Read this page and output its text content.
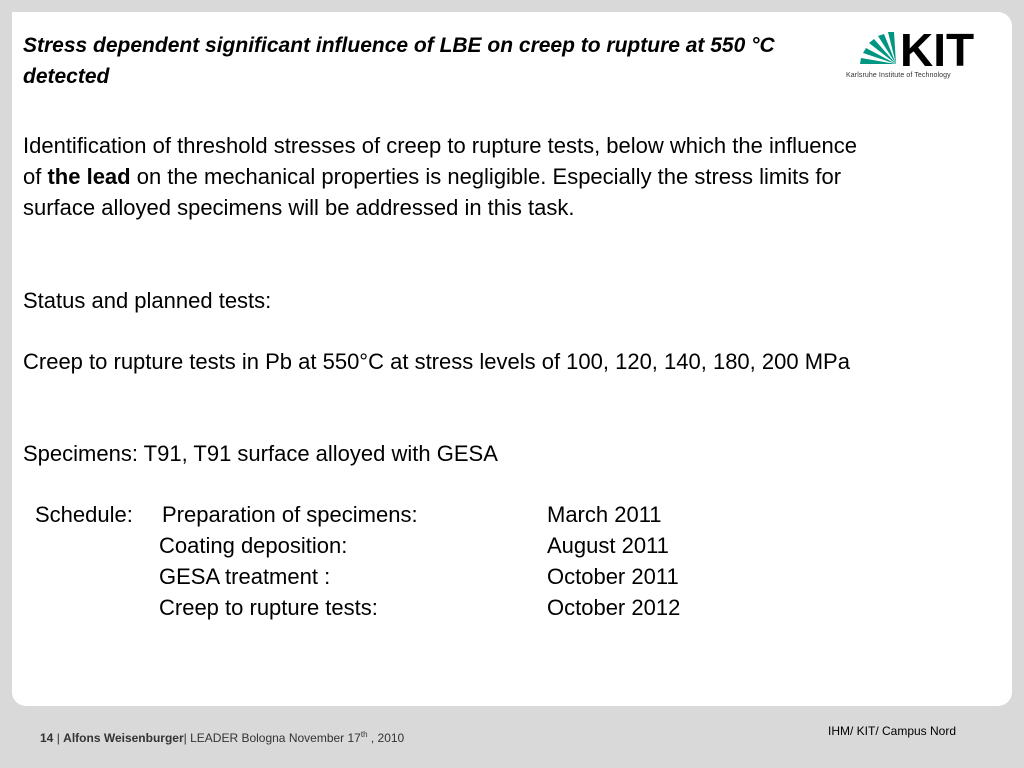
Stress dependent significant influence of LBE on creep to rupture at 550 °C detected
KIT
Karlsruhe Institute of Technology

Identification of threshold stresses of creep to rupture tests, below which the influence of the lead on the mechanical properties is negligible. Especially the stress limits for surface alloyed specimens will be addressed in this task.

Status and planned tests:

Creep to rupture tests in Pb at 550°C at stress levels of 100, 120, 140, 180, 200 MPa

Specimens: T91, T91 surface alloyed with GESA

Schedule: Preparation of specimens:	March 2011
Coating deposition:	August 2011
GESA treatment :	October 2011
Creep to rupture tests:	October 2012
14 | Alfons Weisenburger| LEADER Bologna November 17th , 2010	IHM/ KIT/ Campus Nord
